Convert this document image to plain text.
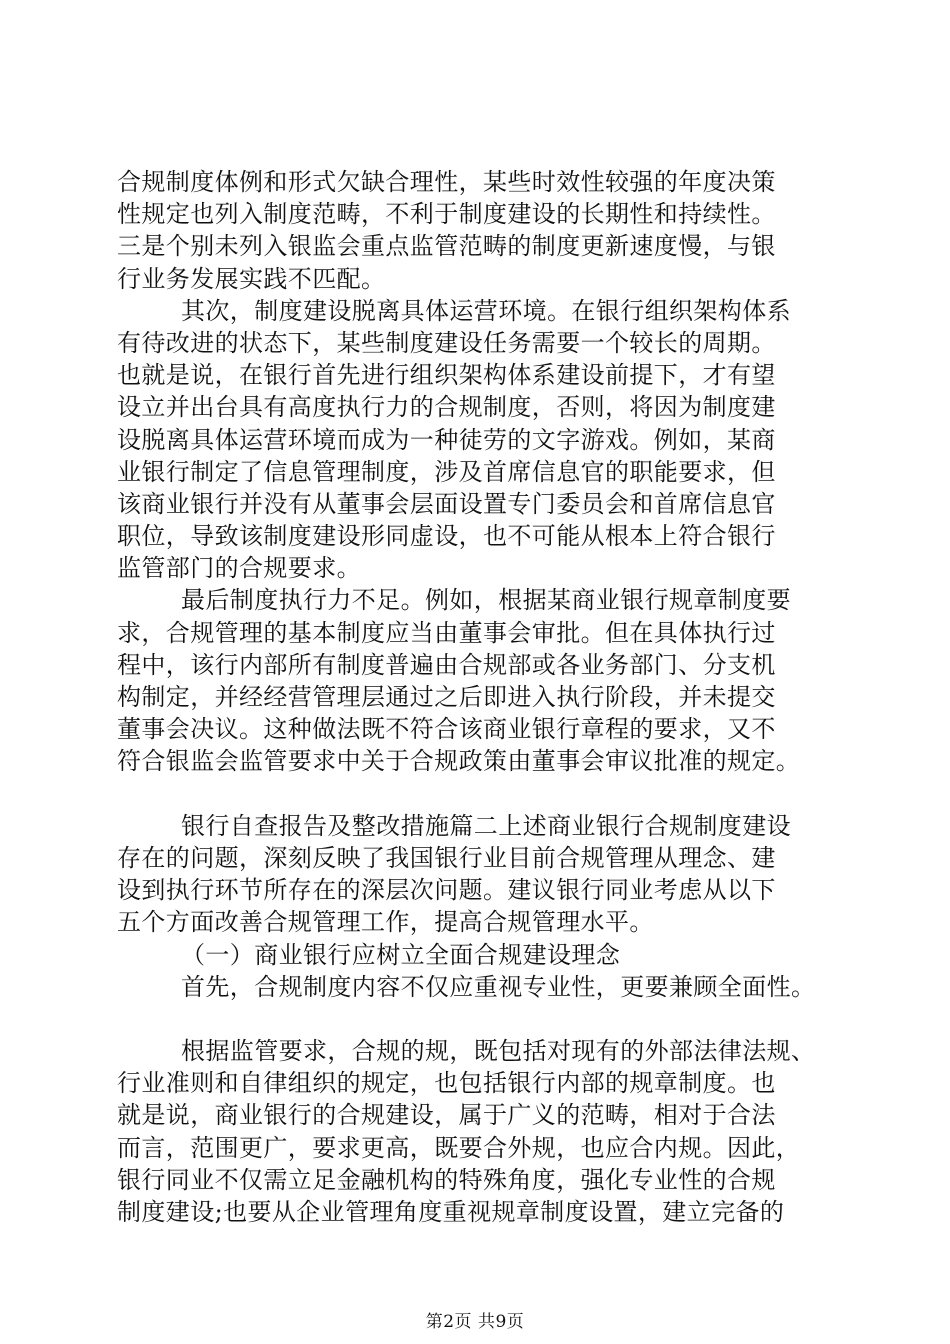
合规制度体例和形式欠缺合理性，某些时效性较强的年度决策
性规定也列入制度范畴，不利于制度建设的长期性和持续性。
三是个别未列入银监会重点监管范畴的制度更新速度慢，与银
行业务发展实践不匹配。
其次，制度建设脱离具体运营环境。在银行组织架构体系
有待改进的状态下，某些制度建设任务需要一个较长的周期。
也就是说，在银行首先进行组织架构体系建设前提下，才有望
设立并出台具有高度执行力的合规制度，否则，将因为制度建
设脱离具体运营环境而成为一种徒劳的文字游戏。例如，某商
业银行制定了信息管理制度，涉及首席信息官的职能要求，但
该商业银行并没有从董事会层面设置专门委员会和首席信息官
职位，导致该制度建设形同虚设，也不可能从根本上符合银行
监管部门的合规要求。
最后制度执行力不足。例如，根据某商业银行规章制度要
求，合规管理的基本制度应当由董事会审批。但在具体执行过
程中，该行内部所有制度普遍由合规部或各业务部门、分支机
构制定，并经经营管理层通过之后即进入执行阶段，并未提交
董事会决议。这种做法既不符合该商业银行章程的要求，又不
符合银监会监管要求中关于合规政策由董事会审议批准的规定。
银行自查报告及整改措施篇二上述商业银行合规制度建设
存在的问题，深刻反映了我国银行业目前合规管理从理念、建
设到执行环节所存在的深层次问题。建议银行同业考虑从以下
五个方面改善合规管理工作，提高合规管理水平。
（一）商业银行应树立全面合规建设理念
首先，合规制度内容不仅应重视专业性，更要兼顾全面性。
根据监管要求，合规的规，既包括对现有的外部法律法规、
行业准则和自律组织的规定，也包括银行内部的规章制度。也
就是说，商业银行的合规建设，属于广义的范畴，相对于合法
而言，范围更广，要求更高，既要合外规，也应合内规。因此，
银行同业不仅需立足金融机构的特殊角度，强化专业性的合规
制度建设;也要从企业管理角度重视规章制度设置，建立完备的
第2页 共9页
